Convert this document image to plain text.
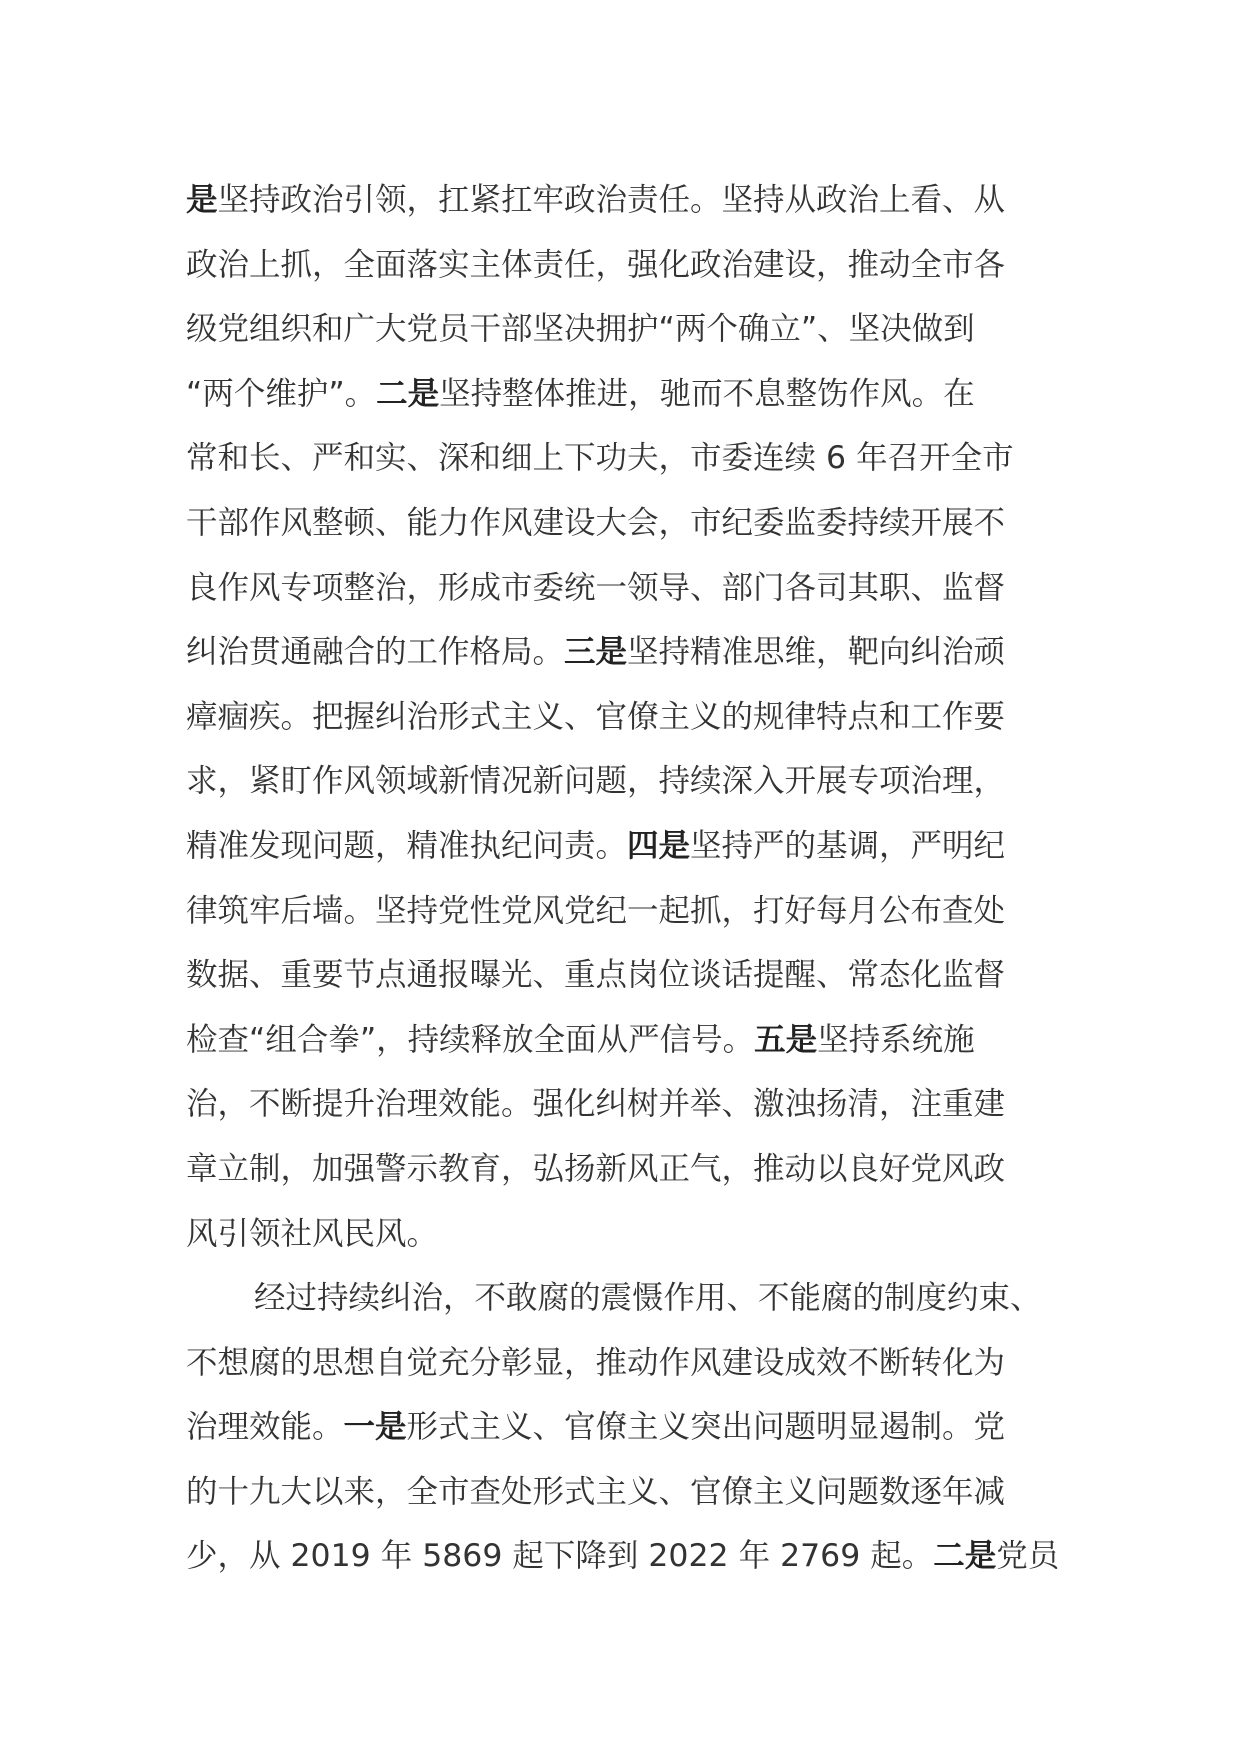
是坚持政治引领，扛紧扛牢政治责任。坚持从政治上看、从
政治上抓，全面落实主体责任，强化政治建设，推动全市各
级党组织和广大党员干部坚决拥护“两个确立”、坚决做到
“两个维护”。二是坚持整体推进，驰而不息整饬作风。在
常和长、严和实、深和细上下功夫，市委连续 6 年召开全市
干部作风整顿、能力作风建设大会，市纪委监委持续开展不
良作风专项整治，形成市委统一领导、部门各司其职、监督
纠治贯通融合的工作格局。三是坚持精准思维，靶向纠治顽
瘴痼疾。把握纠治形式主义、官僚主义的规律特点和工作要
求，紧盯作风领域新情况新问题，持续深入开展专项治理，
精准发现问题，精准执纪问责。四是坚持严的基调，严明纪
律筑牢后墙。坚持党性党风党纪一起抓，打好每月公布查处
数据、重要节点通报曝光、重点岗位谈话提醒、常态化监督
检查“组合拳”，持续释放全面从严信号。五是坚持系统施
治，不断提升治理效能。强化纠树并举、激浊扬清，注重建
章立制，加强警示教育，弘扬新风正气，推动以良好党风政
风引领社风民风。
经过持续纠治，不敢腐的震慑作用、不能腐的制度约束、
不想腐的思想自觉充分彰显，推动作风建设成效不断转化为
治理效能。一是形式主义、官僚主义突出问题明显遏制。党
的十九大以来，全市查处形式主义、官僚主义问题数逐年减
少，从 2019 年 5869 起下降到 2022 年 2769 起。二是党员
